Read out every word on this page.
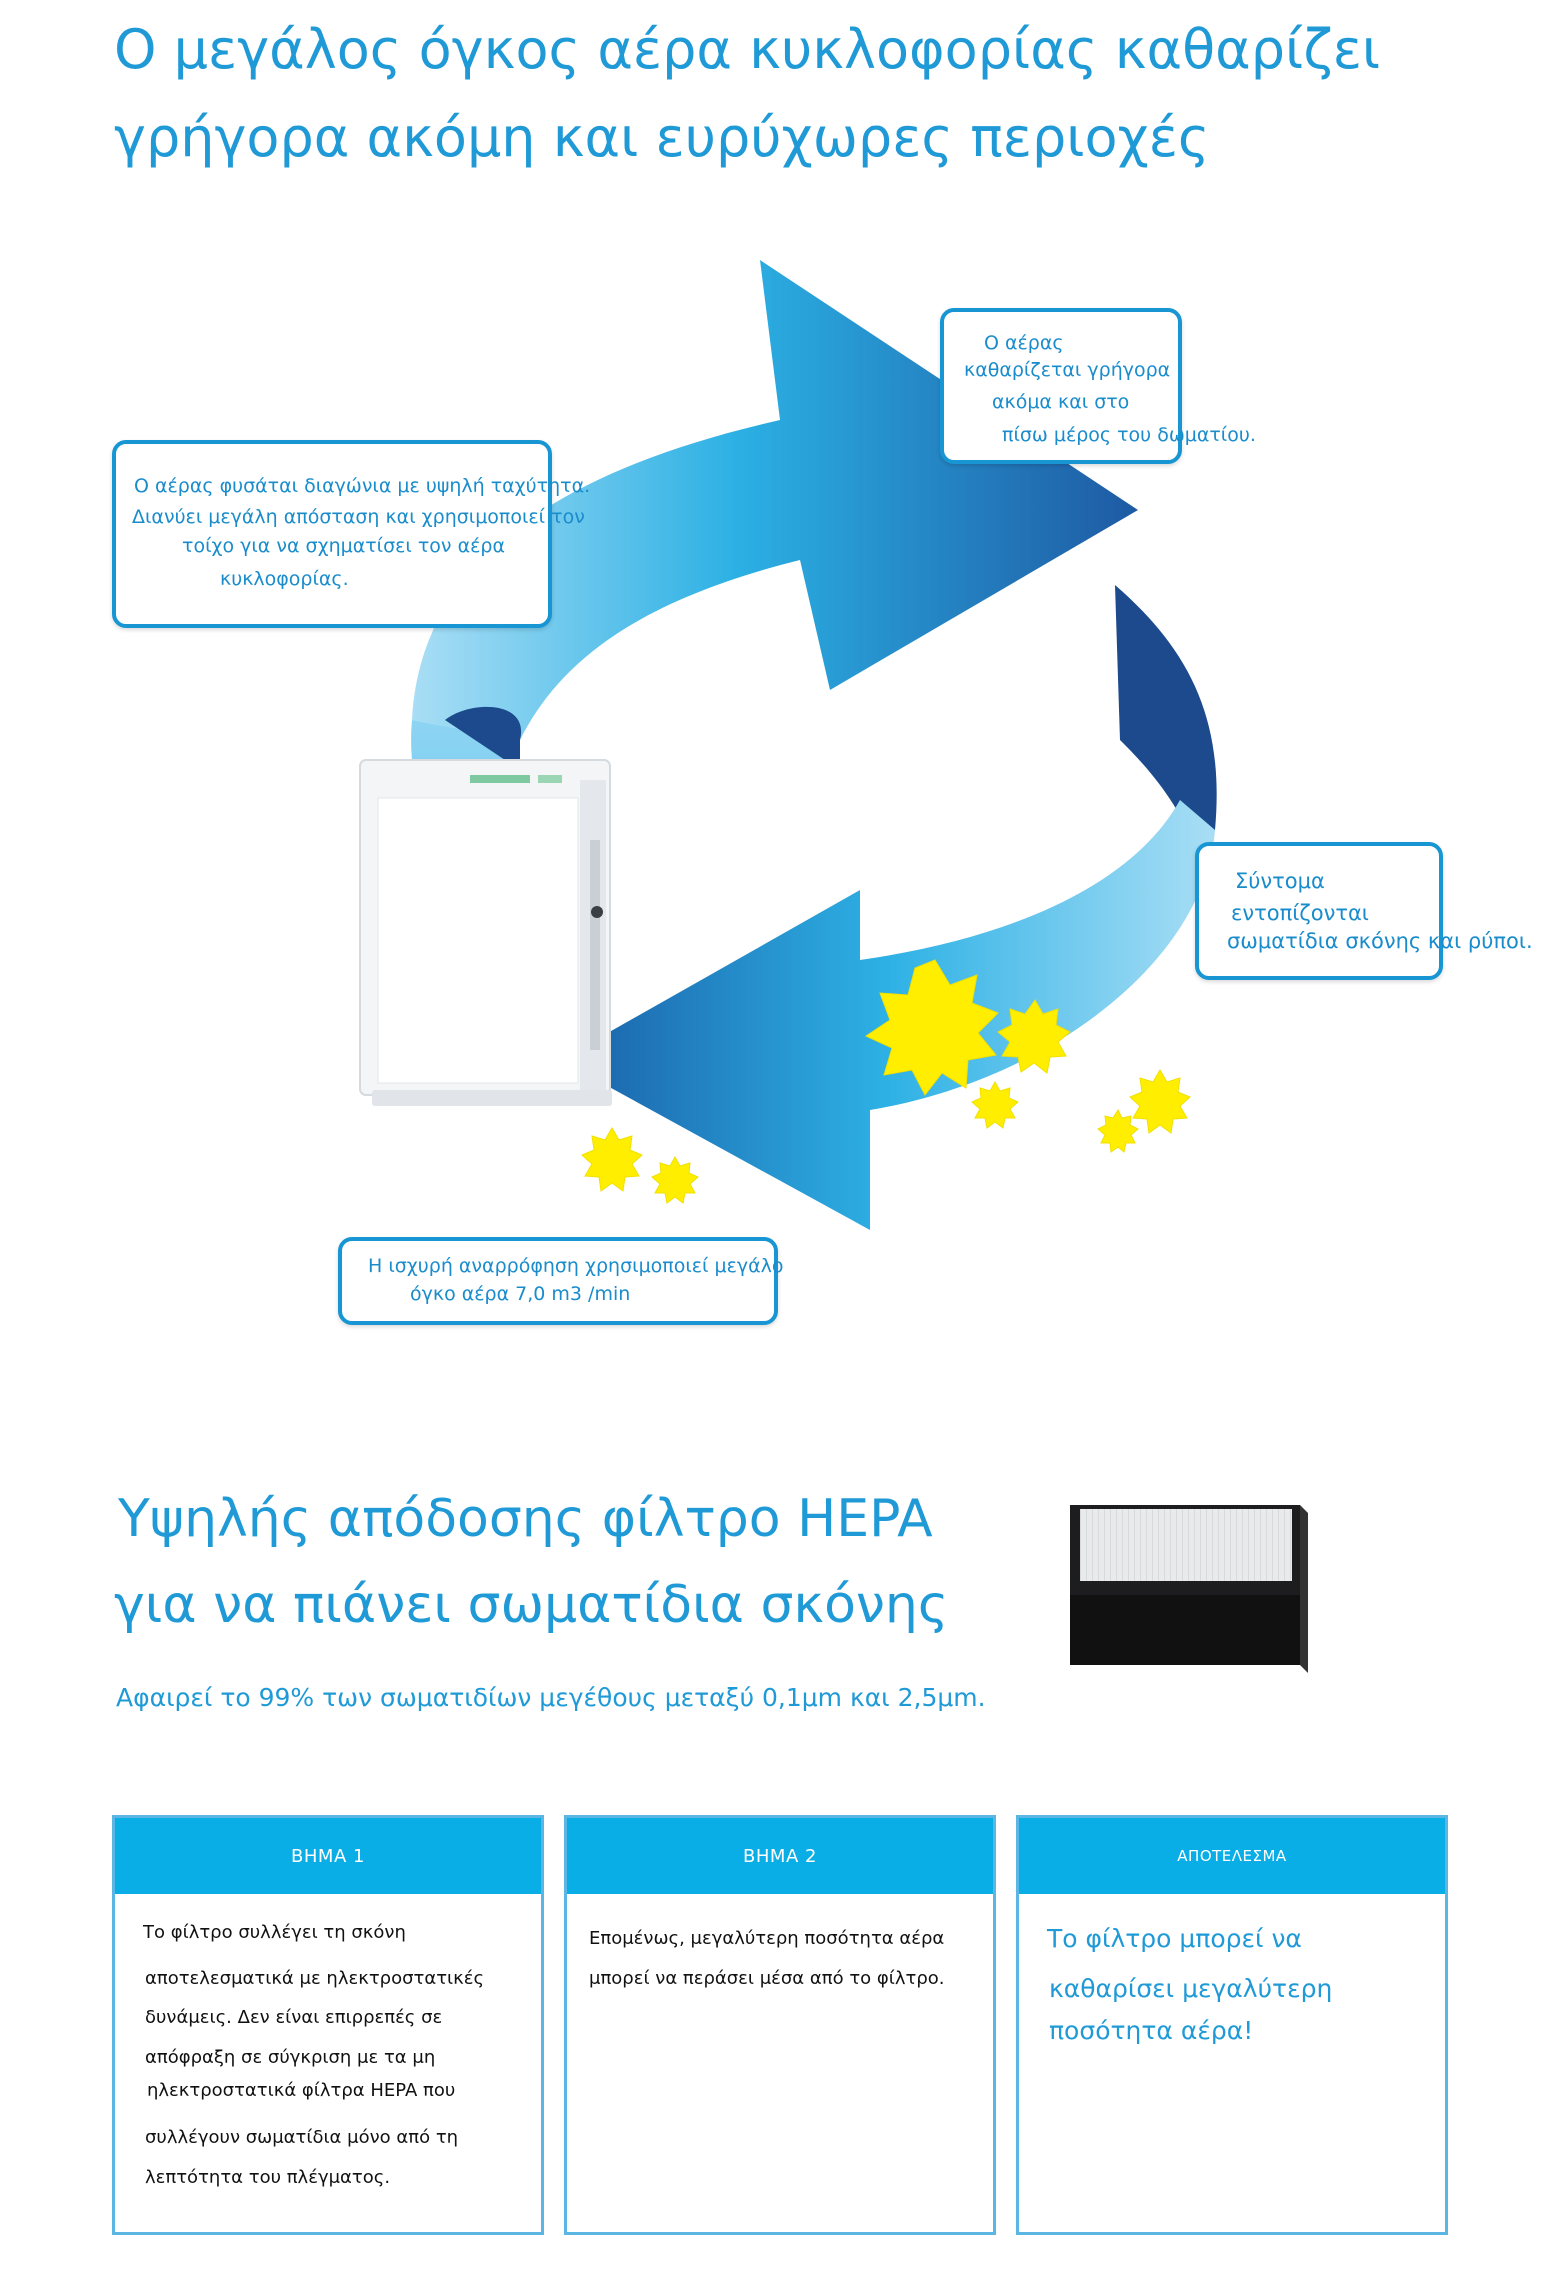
Ο μεγάλος όγκος αέρα κυκλοφορίας καθαρίζει
γρήγορα ακόμη και ευρύχωρες περιοχές

Ο αέρας φυσάται διαγώνια με υψηλή ταχύτητα.

Διανύει μεγάλη απόσταση και χρησιμοποιεί τον

τοίχο για να σχηματίσει τον αέρα

κυκλοφορίας.

Ο αέρας

καθαρίζεται γρήγορα

ακόμα και στο

πίσω μέρος του δωματίου.

Σύντομα

εντοπίζονται

σωματίδια σκόνης και ρύποι.

Η ισχυρή αναρρόφηση χρησιμοποιεί μεγάλο

όγκο αέρα 7,0 m3 /min

Υψηλής απόδοσης φίλτρο HEPA
για να πιάνει σωματίδια σκόνης
Αφαιρεί το 99% των σωματιδίων μεγέθους μεταξύ 0,1μm και 2,5μm.
ΒΗΜΑ 1

Το φίλτρο συλλέγει τη σκόνη

αποτελεσματικά με ηλεκτροστατικές

δυνάμεις. Δεν είναι επιρρεπές σε

απόφραξη σε σύγκριση με τα μη

ηλεκτροστατικά φίλτρα HEPA που

συλλέγουν σωματίδια μόνο από τη

λεπτότητα του πλέγματος.

ΒΗΜΑ 2

Επομένως, μεγαλύτερη ποσότητα αέρα

μπορεί να περάσει μέσα από το φίλτρο.

ΑΠΟΤΕΛΕΣΜΑ

Το φίλτρο μπορεί να

καθαρίσει μεγαλύτερη

ποσότητα αέρα!
